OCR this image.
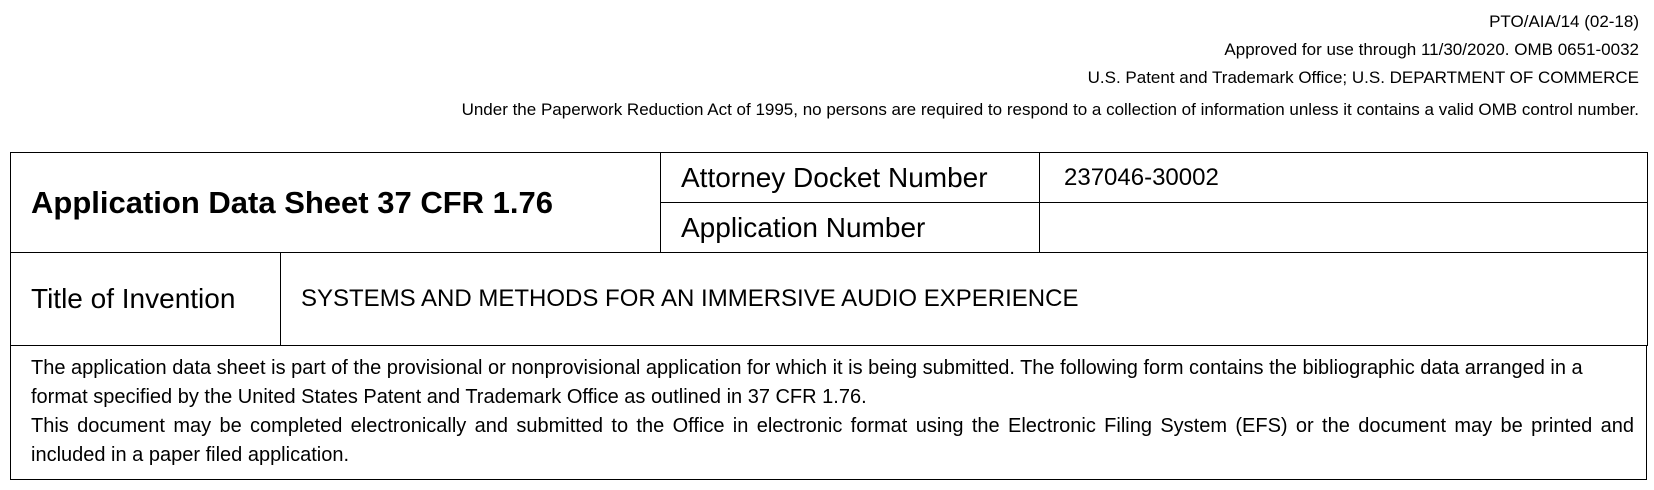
PTO/AIA/14 (02-18)
Approved for use through 11/30/2020. OMB 0651-0032
U.S. Patent and Trademark Office; U.S. DEPARTMENT OF COMMERCE
Under the Paperwork Reduction Act of 1995, no persons are required to respond to a collection of information unless it contains a valid OMB control number.
Application Data Sheet 37 CFR 1.76	Attorney Docket Number	237046-30002
	Application Number	
Title of Invention	SYSTEMS AND METHODS FOR AN IMMERSIVE AUDIO EXPERIENCE

The application data sheet is part of the provisional or nonprovisional application for which it is being submitted. The following form contains the bibliographic data arranged in a format specified by the United States Patent and Trademark Office as outlined in 37 CFR 1.76.

This document may be completed electronically and submitted to the Office in electronic format using the Electronic Filing System (EFS) or the document may be printed and included in a paper filed application.
